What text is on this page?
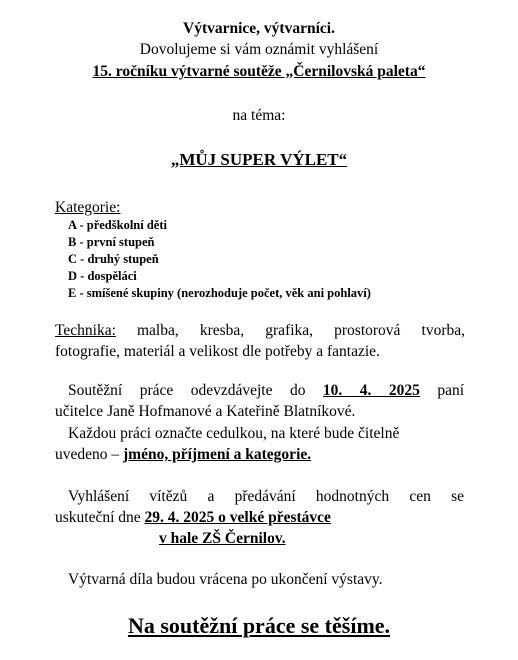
Výtvarnice, výtvarníci.
Dovolujeme si vám oznámit vyhlášení
15. ročníku výtvarné soutěže „Černilovská paleta“
na téma:
„MŮJ SUPER VÝLET“
Kategorie:
A - předškolní děti
B - první stupeň
C - druhý stupeň
D - dospěláci
E - smíšené skupiny (nerozhoduje počet, věk ani pohlaví)
Technika: malba, kresba, grafika, prostorová tvorba,
fotografie, materiál a velikost dle potřeby a fantazie.
Soutěžní práce odevzdávejte do 10. 4. 2025 paní
učitelce Janě Hofmanové a Kateřině Blatníkové.
Každou práci označte cedulkou, na které bude čitelně
uvedeno – jméno, příjmení a kategorie.
Vyhlášení vítězů a předávání hodnotných cen se
uskuteční dne 29. 4. 2025 o velké přestávce
v hale ZŠ Černilov.
Výtvarná díla budou vrácena po ukončení výstavy.
Na soutěžní práce se těšíme.
